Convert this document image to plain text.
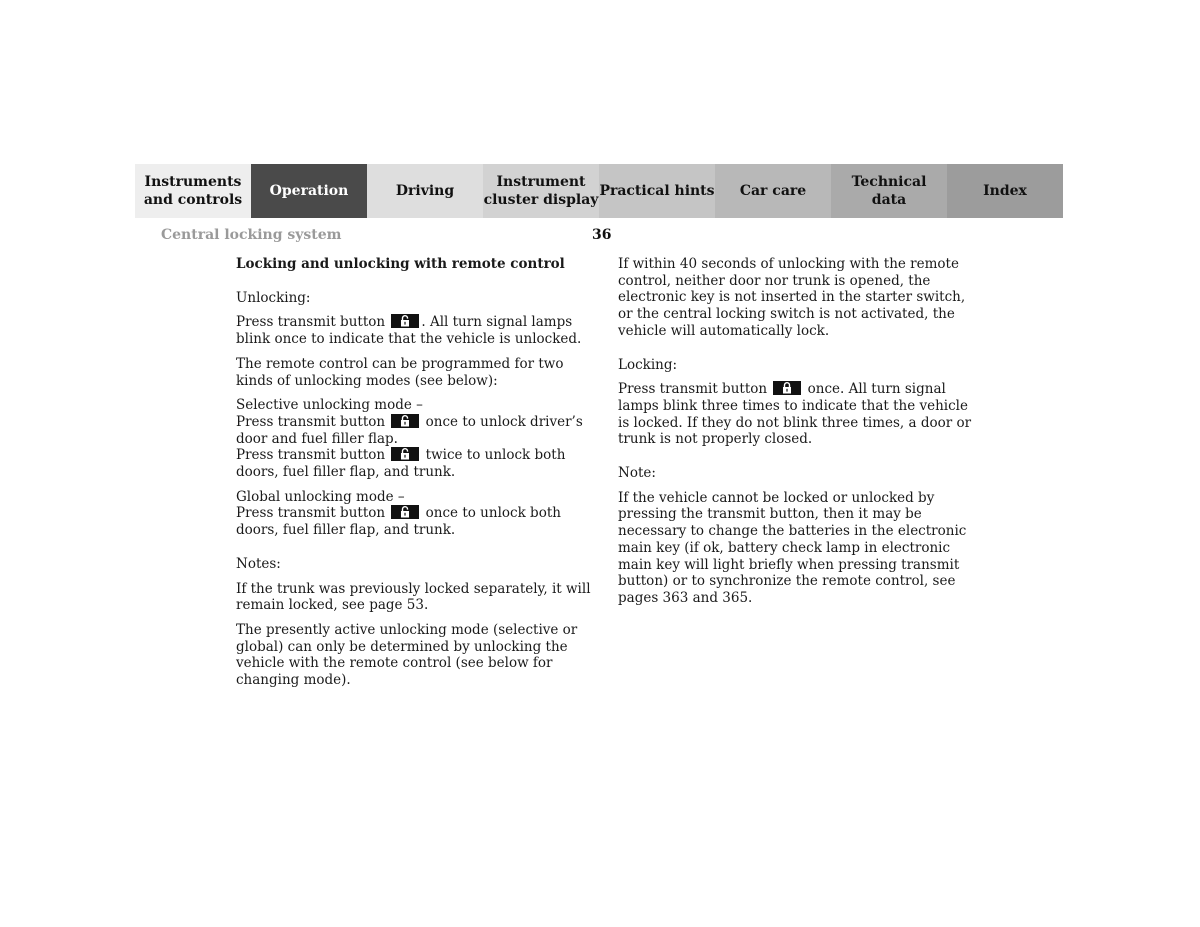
Instruments
and controls
Operation	Driving
Instrument
cluster display
Practical hints Car care
Technical
data
Index
Central locking system	36

Locking and unlocking with remote control

Unlocking:

Press transmit button	. All turn signal lamps blink once to indicate that the vehicle is unlocked.

The remote control can be programmed for two kinds of unlocking modes (see below):

Selective unlocking mode –

Press transmit button	once to unlock driver’s door and fuel filler flap.

Press transmit button	twice to unlock both doors, fuel filler flap, and trunk.

Global unlocking mode –

Press transmit button	once to unlock both doors, fuel filler flap, and trunk.

Notes:

If the trunk was previously locked separately, it will remain locked, see page 53.

The presently active unlocking mode (selective or global) can only be determined by unlocking the vehicle with the remote control (see below for changing mode).

If within 40 seconds of unlocking with the remote control, neither door nor trunk is opened, the electronic key is not inserted in the starter switch, or the central locking switch is not activated, the vehicle will automatically lock.

Locking:

Press transmit button	once. All turn signal lamps blink three times to indicate that the vehicle is locked. If they do not blink three times, a door or trunk is not properly closed.

Note:

If the vehicle cannot be locked or unlocked by pressing the transmit button, then it may be necessary to change the batteries in the electronic main key (if ok, battery check lamp in electronic main key will light briefly when pressing transmit button) or to synchronize the remote control, see pages 363 and 365.
